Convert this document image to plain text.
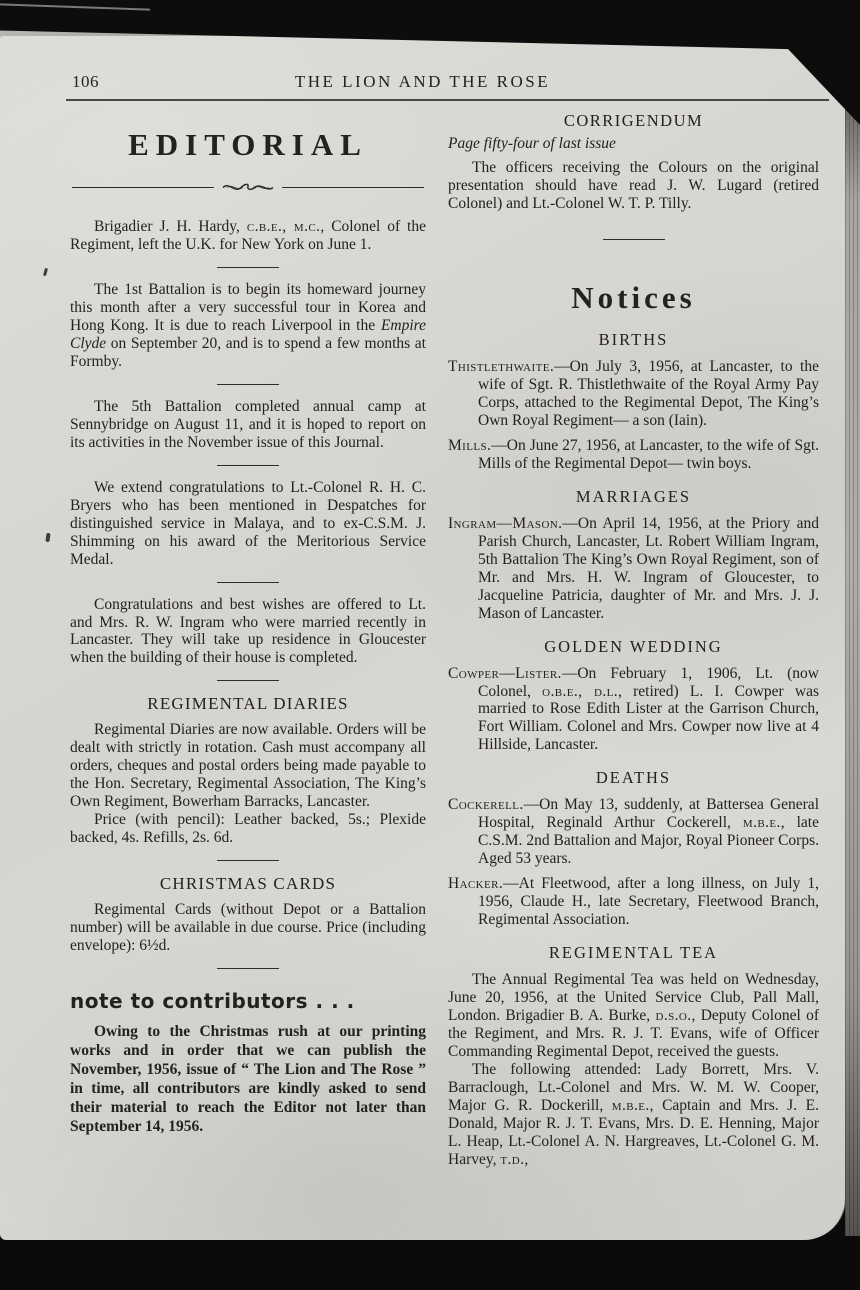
106	THE LION AND THE ROSE
EDITORIAL

Brigadier J. H. Hardy, c.b.e., m.c., Colonel of the Regiment, left the U.K. for New York on June 1.

The 1st Battalion is to begin its homeward journey this month after a very successful tour in Korea and Hong Kong. It is due to reach Liverpool in the Empire Clyde on September 20, and is to spend a few months at Formby.

The 5th Battalion completed annual camp at Sennybridge on August 11, and it is hoped to report on its activities in the November issue of this Journal.

We extend congratulations to Lt.-Colonel R. H. C. Bryers who has been mentioned in Despatches for distinguished service in Malaya, and to ex-C.S.M. J. Shimming on his award of the Meritorious Service Medal.

Congratulations and best wishes are offered to Lt. and Mrs. R. W. Ingram who were married recently in Lancaster. They will take up residence in Gloucester when the building of their house is completed.

REGIMENTAL DIARIES

Regimental Diaries are now available. Orders will be dealt with strictly in rotation. Cash must accompany all orders, cheques and postal orders being made payable to the Hon. Secretary, Regimental Association, The King’s Own Regiment, Bowerham Barracks, Lancaster.

Price (with pencil): Leather backed, 5s.; Plexide backed, 4s. Refills, 2s. 6d.

CHRISTMAS CARDS

Regimental Cards (without Depot or a Battalion number) will be available in due course. Price (including envelope): 6½d.

note to contributors . . .

Owing to the Christmas rush at our printing works and in order that we can publish the November, 1956, issue of “ The Lion and The Rose ” in time, all contributors are kindly asked to send their material to reach the Editor not later than September 14, 1956.

CORRIGENDUM
Page fifty-four of last issue

The officers receiving the Colours on the original presentation should have read J. W. Lugard (retired Colonel) and Lt.-Colonel W. T. P. Tilly.

Notices
BIRTHS

Thistlethwaite.—On July 3, 1956, at Lancaster, to the wife of Sgt. R. Thistlethwaite of the Royal Army Pay Corps, attached to the Regimental Depot, The King’s Own Royal Regiment— a son (Iain).

Mills.—On June 27, 1956, at Lancaster, to the wife of Sgt. Mills of the Regimental Depot— twin boys.

MARRIAGES

Ingram—Mason.—On April 14, 1956, at the Priory and Parish Church, Lancaster, Lt. Robert William Ingram, 5th Battalion The King’s Own Royal Regiment, son of Mr. and Mrs. H. W. Ingram of Gloucester, to Jacqueline Patricia, daughter of Mr. and Mrs. J. J. Mason of Lancaster.

GOLDEN WEDDING

Cowper—Lister.—On February 1, 1906, Lt. (now Colonel, o.b.e., d.l., retired) L. I. Cowper was married to Rose Edith Lister at the Garrison Church, Fort William. Colonel and Mrs. Cowper now live at 4 Hillside, Lancaster.

DEATHS

Cockerell.—On May 13, suddenly, at Battersea General Hospital, Reginald Arthur Cockerell, m.b.e., late C.S.M. 2nd Battalion and Major, Royal Pioneer Corps. Aged 53 years.

Hacker.—At Fleetwood, after a long illness, on July 1, 1956, Claude H., late Secretary, Fleetwood Branch, Regimental Association.

REGIMENTAL TEA

The Annual Regimental Tea was held on Wednesday, June 20, 1956, at the United Service Club, Pall Mall, London. Brigadier B. A. Burke, d.s.o., Deputy Colonel of the Regiment, and Mrs. R. J. T. Evans, wife of Officer Commanding Regimental Depot, received the guests.

The following attended: Lady Borrett, Mrs. V. Barraclough, Lt.-Colonel and Mrs. W. M. W. Cooper, Major G. R. Dockerill, m.b.e., Captain and Mrs. J. E. Donald, Major R. J. T. Evans, Mrs. D. E. Henning, Major L. Heap, Lt.-Colonel A. N. Hargreaves, Lt.-Colonel G. M. Harvey, t.d.,
